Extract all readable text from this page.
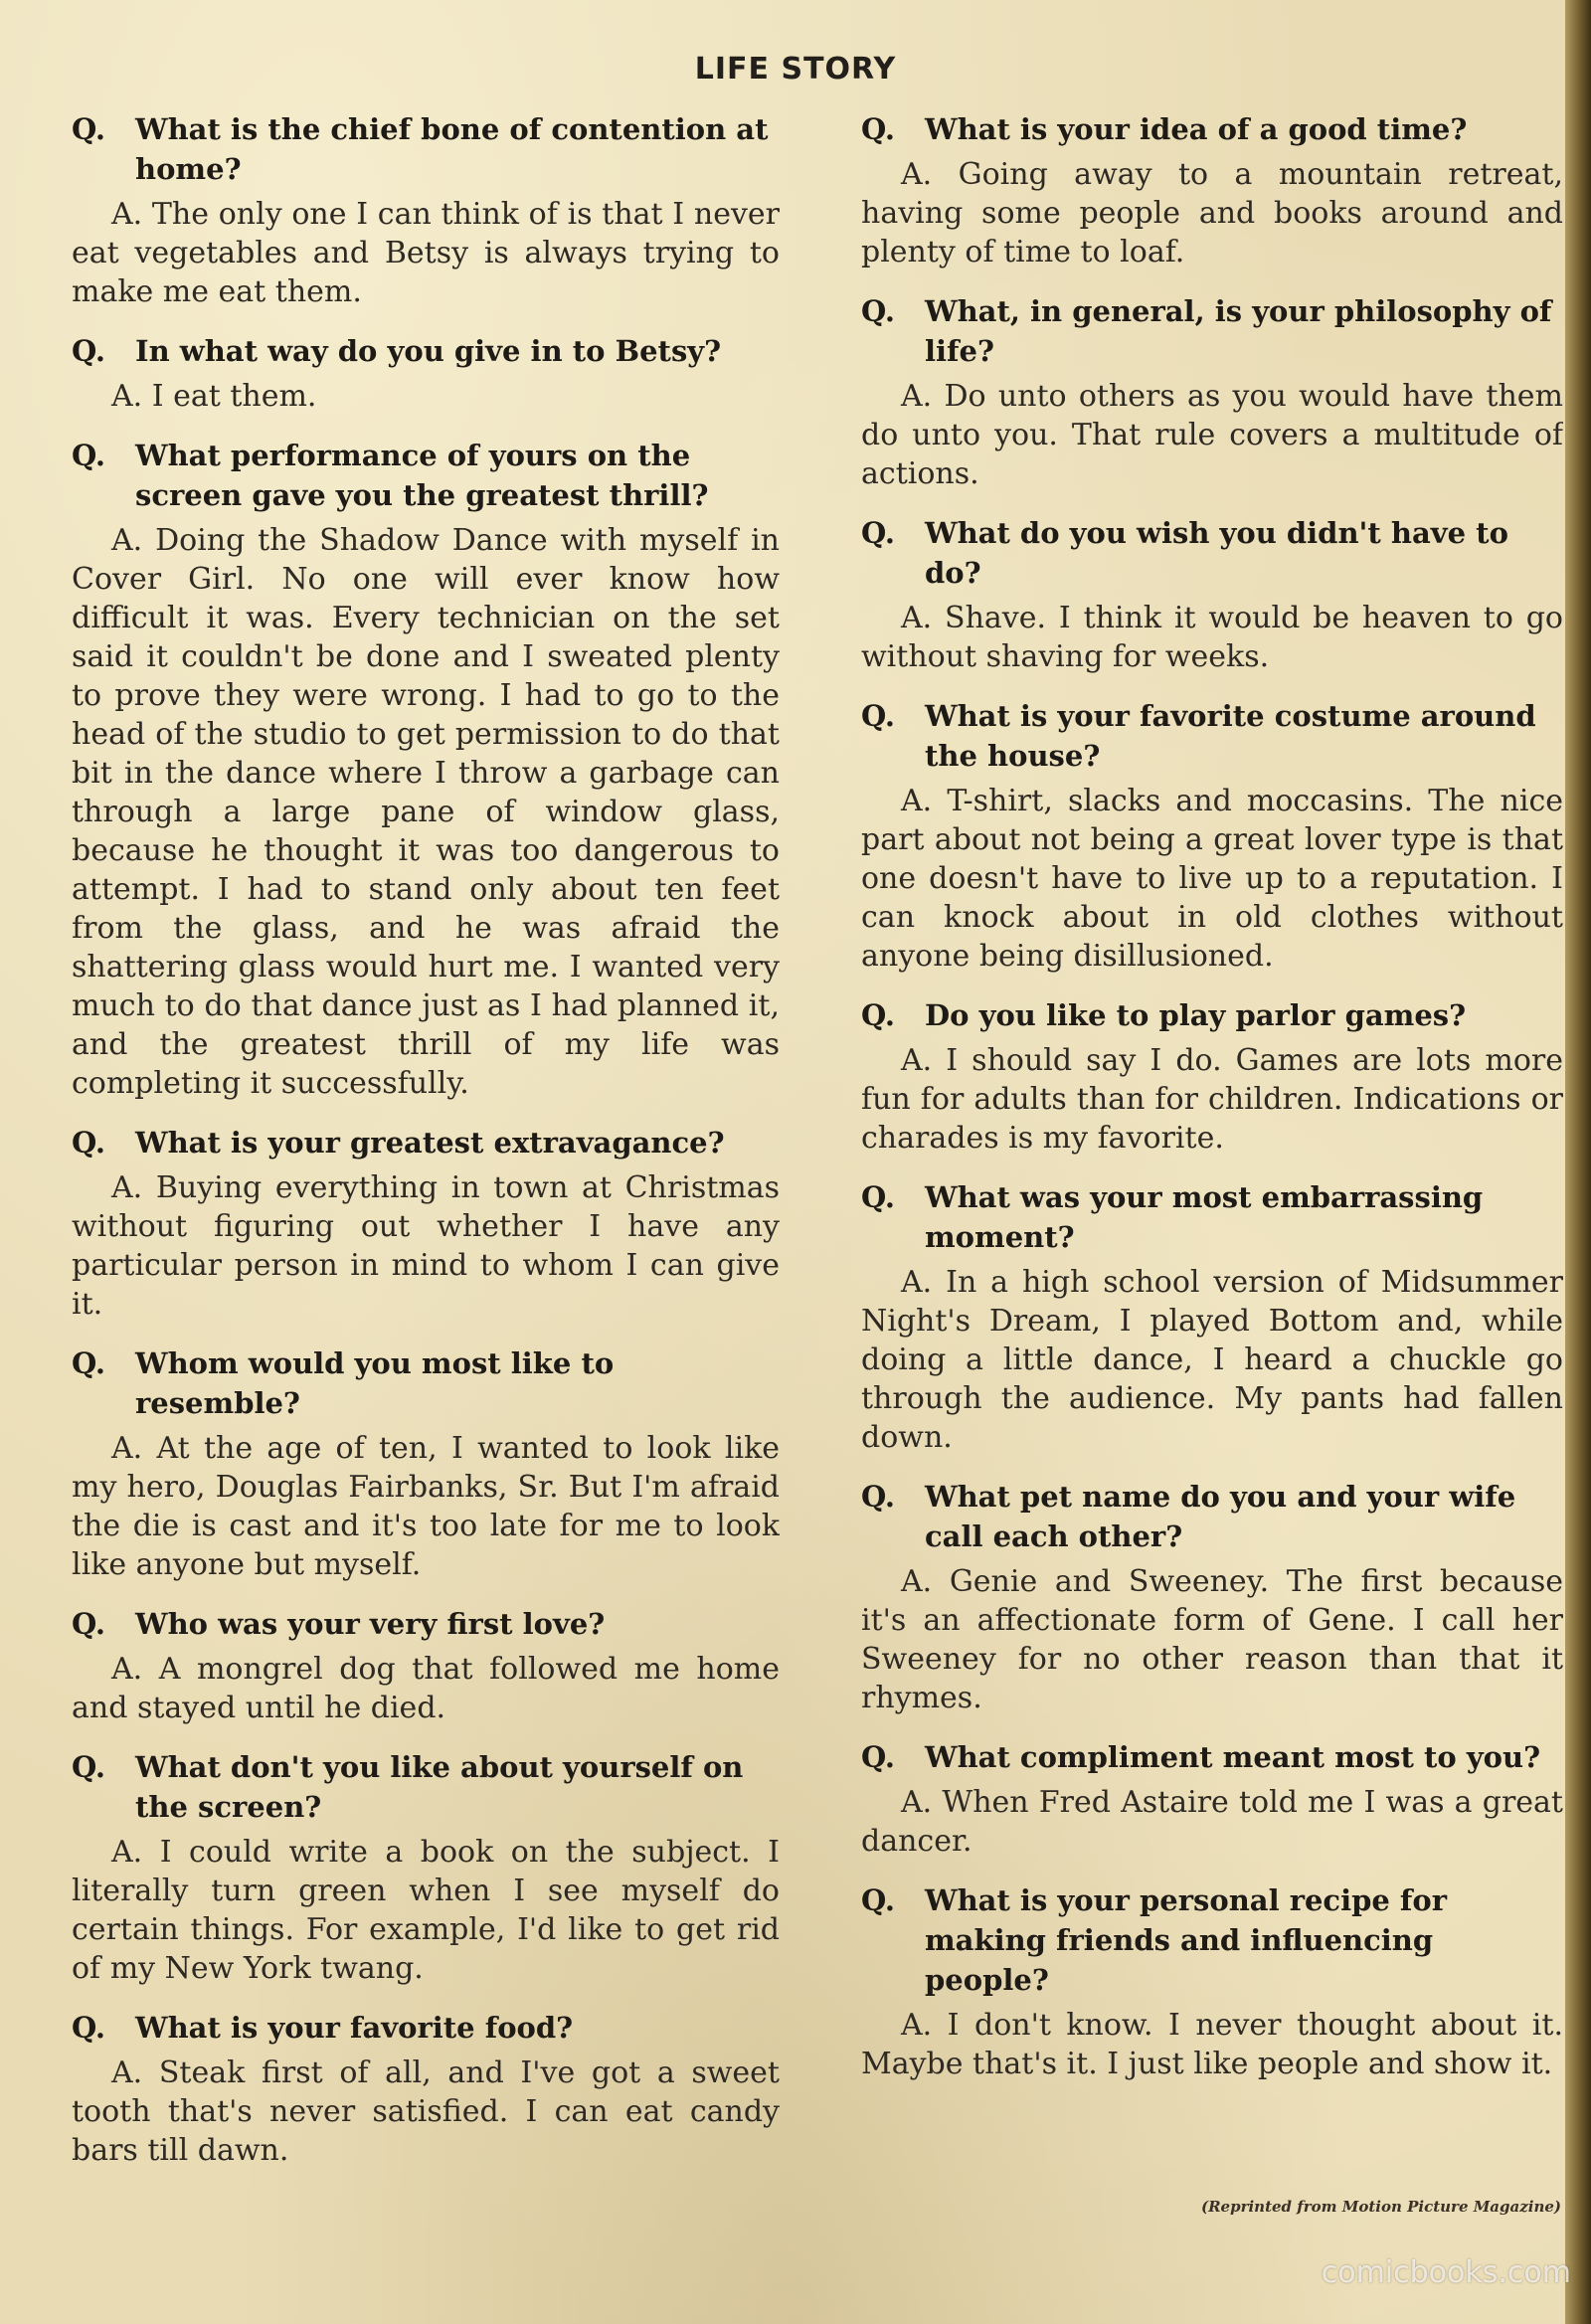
LIFE STORY
Q. What is the chief bone of contention at home?
A. The only one I can think of is that I never eat vegetables and Betsy is always trying to make me eat them.
Q. In what way do you give in to Betsy?
A. I eat them.
Q. What performance of yours on the screen gave you the greatest thrill?
A. Doing the Shadow Dance with myself in Cover Girl. No one will ever know how difficult it was. Every technician on the set said it couldn't be done and I sweated plenty to prove they were wrong. I had to go to the head of the studio to get permission to do that bit in the dance where I throw a garbage can through a large pane of window glass, because he thought it was too dangerous to attempt. I had to stand only about ten feet from the glass, and he was afraid the shattering glass would hurt me. I wanted very much to do that dance just as I had planned it, and the greatest thrill of my life was completing it successfully.
Q. What is your greatest extravagance?
A. Buying everything in town at Christmas without figuring out whether I have any particular person in mind to whom I can give it.
Q. Whom would you most like to resemble?
A. At the age of ten, I wanted to look like my hero, Douglas Fairbanks, Sr. But I'm afraid the die is cast and it's too late for me to look like anyone but myself.
Q. Who was your very first love?
A. A mongrel dog that followed me home and stayed until he died.
Q. What don't you like about yourself on the screen?
A. I could write a book on the subject. I literally turn green when I see myself do certain things. For example, I'd like to get rid of my New York twang.
Q. What is your favorite food?
A. Steak first of all, and I've got a sweet tooth that's never satisfied. I can eat candy bars till dawn.
Q. What is your idea of a good time?
A. Going away to a mountain retreat, having some people and books around and plenty of time to loaf.
Q. What, in general, is your philosophy of life?
A. Do unto others as you would have them do unto you. That rule covers a multitude of actions.
Q. What do you wish you didn't have to do?
A. Shave. I think it would be heaven to go without shaving for weeks.
Q. What is your favorite costume around the house?
A. T-shirt, slacks and moccasins. The nice part about not being a great lover type is that one doesn't have to live up to a reputation. I can knock about in old clothes without anyone being disillusioned.
Q. Do you like to play parlor games?
A. I should say I do. Games are lots more fun for adults than for children. Indications or charades is my favorite.
Q. What was your most embarrassing moment?
A. In a high school version of Midsummer Night's Dream, I played Bottom and, while doing a little dance, I heard a chuckle go through the audience. My pants had fallen down.
Q. What pet name do you and your wife call each other?
A. Genie and Sweeney. The first because it's an affectionate form of Gene. I call her Sweeney for no other reason than that it rhymes.
Q. What compliment meant most to you?
A. When Fred Astaire told me I was a great dancer.
Q. What is your personal recipe for making friends and influencing people?
A. I don't know. I never thought about it. Maybe that's it. I just like people and show it.
(Reprinted from Motion Picture Magazine)
comicbooks.com
